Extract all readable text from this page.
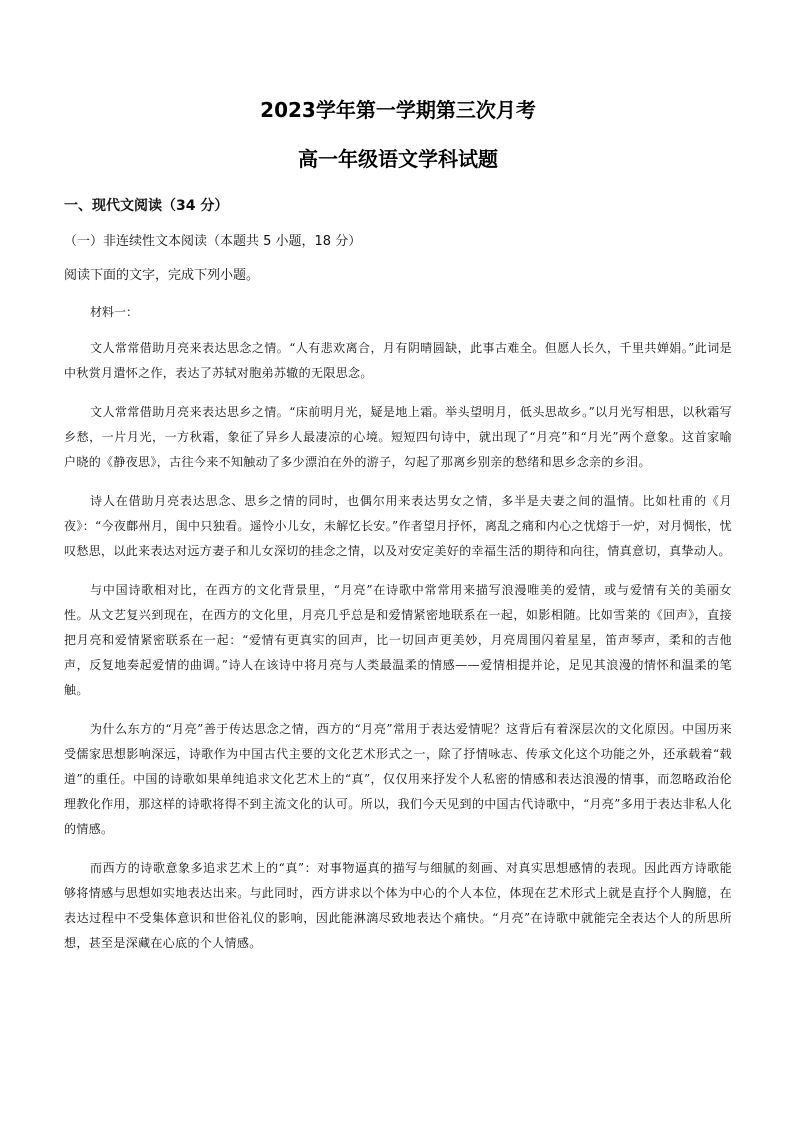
2023学年第一学期第三次月考
高一年级语文学科试题
一、现代文阅读（34 分）
（一）非连续性文本阅读（本题共 5 小题，18 分）
阅读下面的文字，完成下列小题。
材料一：

文人常常借助月亮来表达思念之情。“人有悲欢离合，月有阴晴圆缺，此事古难全。但愿人长久，千里共婵娟。”此词是中秋赏月遣怀之作，表达了苏轼对胞弟苏辙的无限思念。

文人常常借助月亮来表达思乡之情。“床前明月光，疑是地上霜。举头望明月，低头思故乡。”以月光写相思，以秋霜写乡愁，一片月光，一方秋霜，象征了异乡人最凄凉的心境。短短四句诗中，就出现了“月亮”和“月光”两个意象。这首家喻户晓的《静夜思》，古往今来不知触动了多少漂泊在外的游子，勾起了那离乡别亲的愁绪和思乡念亲的乡泪。

诗人在借助月亮表达思念、思乡之情的同时，也偶尔用来表达男女之情，多半是夫妻之间的温情。比如杜甫的《月夜》：“今夜鄜州月，闺中只独看。遥怜小儿女，未解忆长安。”作者望月抒怀，离乱之痛和内心之忧熔于一炉，对月惆怅，忧叹愁思，以此来表达对远方妻子和儿女深切的挂念之情，以及对安定美好的幸福生活的期待和向往，情真意切，真挚动人。

与中国诗歌相对比，在西方的文化背景里，“月亮”在诗歌中常常用来描写浪漫唯美的爱情，或与爱情有关的美丽女性。从文艺复兴到现在，在西方的文化里，月亮几乎总是和爱情紧密地联系在一起，如影相随。比如雪莱的《回声》，直接把月亮和爱情紧密联系在一起：“爱情有更真实的回声，比一切回声更美妙，月亮周围闪着星星，笛声琴声，柔和的吉他声，反复地奏起爱情的曲调。”诗人在该诗中将月亮与人类最温柔的情感——爱情相提并论，足见其浪漫的情怀和温柔的笔触。

为什么东方的“月亮”善于传达思念之情，西方的“月亮”常用于表达爱情呢？这背后有着深层次的文化原因。中国历来受儒家思想影响深远，诗歌作为中国古代主要的文化艺术形式之一，除了抒情咏志、传承文化这个功能之外，还承载着“载道”的重任。中国的诗歌如果单纯追求文化艺术上的“真”，仅仅用来抒发个人私密的情感和表达浪漫的情事，而忽略政治伦理教化作用，那这样的诗歌将得不到主流文化的认可。所以，我们今天见到的中国古代诗歌中，“月亮”多用于表达非私人化的情感。

而西方的诗歌意象多追求艺术上的“真”：对事物逼真的描写与细腻的刻画、对真实思想感情的表现。因此西方诗歌能够将情感与思想如实地表达出来。与此同时，西方讲求以个体为中心的个人本位，体现在艺术形式上就是直抒个人胸臆，在表达过程中不受集体意识和世俗礼仪的影响，因此能淋漓尽致地表达个痛快。“月亮”在诗歌中就能完全表达个人的所思所想，甚至是深藏在心底的个人情感。
